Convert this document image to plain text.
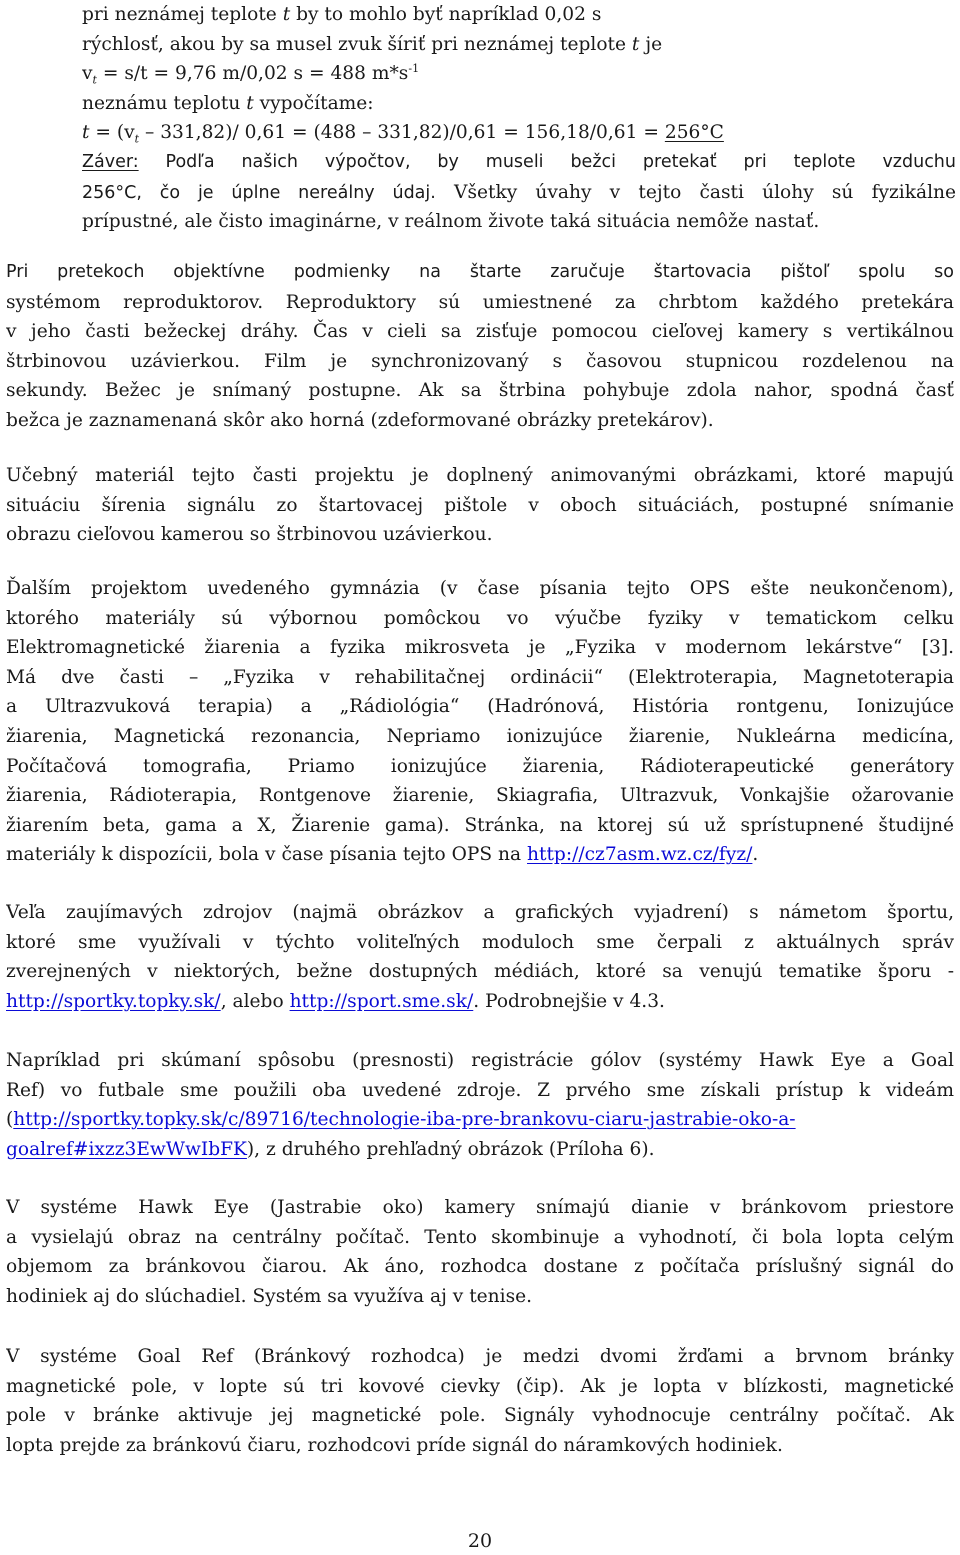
pri neznámej teplote t by to mohlo byť napríklad 0,02 s
rýchlosť, akou by sa musel zvuk šíriť pri neznámej teplote t je
$v_t = s/t = 9,76$ m/0,02 s = 488 $m*s^{-1}$
neznámu teplotu t vypočítame:
$t = (v_t - 331,82)/$ 0,61 = (488 – 331,82)/0,61 = 156,18/0,61 = 256°C
Záver: Podľa našich výpočtov, by museli bežci pretekať pri teplote vzduchu
256°C, čo je úplne nereálny údaj. Všetky úvahy v tejto časti úlohy sú fyzikálne
prípustné, ale čisto imaginárne, v reálnom živote taká situácia nemôže nastať.
Pri pretekoch objektívne podmienky na štarte zaručuje štartovacia pištoľ spolu so
systémom reproduktorov. Reproduktory sú umiestnené za chrbtom každého pretekára
v jeho časti bežeckej dráhy. Čas v cieli sa zisťuje pomocou cieľovej kamery s vertikálnou
štrbinovou uzávierkou. Film je synchronizovaný s časovou stupnicou rozdelenou na
sekundy. Bežec je snímaný postupne. Ak sa štrbina pohybuje zdola nahor, spodná časť
bežca je zaznamenaná skôr ako horná (zdeformované obrázky pretekárov).
Učebný materiál tejto časti projektu je doplnený animovanými obrázkami, ktoré mapujú
situáciu šírenia signálu zo štartovacej pištole v oboch situáciách, postupné snímanie
obrazu cieľovou kamerou so štrbinovou uzávierkou.
Ďalším projektom uvedeného gymnázia (v čase písania tejto OPS ešte neukončenom),
ktorého materiály sú výbornou pomôckou vo výučbe fyziky v tematickom celku
Elektromagnetické žiarenia a fyzika mikrosveta je „Fyzika v modernom lekárstve“ [3].
Má dve časti – „Fyzika v rehabilitačnej ordinácii“ (Elektroterapia, Magnetoterapia
a Ultrazvuková terapia) a „Rádiológia“ (Hadrónová, História rontgenu, Ionizujúce
žiarenia, Magnetická rezonancia, Nepriamo ionizujúce žiarenie, Nukleárna medicína,
Počítačová tomografia, Priamo ionizujúce žiarenia, Rádioterapeutické generátory
žiarenia, Rádioterapia, Rontgenove žiarenie, Skiagrafia, Ultrazvuk, Vonkajšie ožarovanie
žiarením beta, gama a X, Žiarenie gama). Stránka, na ktorej sú už sprístupnené študijné
materiály k dispozícii, bola v čase písania tejto OPS na http://cz7asm.wz.cz/fyz/.
Veľa zaujímavých zdrojov (najmä obrázkov a grafických vyjadrení) s námetom športu,
ktoré sme využívali v týchto voliteľných moduloch sme čerpali z aktuálnych správ
zverejnených v niektorých, bežne dostupných médiách, ktoré sa venujú tematike šporu -
http://sportky.topky.sk/, alebo http://sport.sme.sk/. Podrobnejšie v 4.3.
Napríklad pri skúmaní spôsobu (presnosti) registrácie gólov (systémy Hawk Eye a Goal
Ref) vo futbale sme použili oba uvedené zdroje. Z prvého sme získali prístup k videám
(http://sportky.topky.sk/c/89716/technologie-iba-pre-brankovu-ciaru-jastrabie-oko-a-
goalref#ixzz3EwWwIbFK), z druhého prehľadný obrázok (Príloha 6).
V systéme Hawk Eye (Jastrabie oko) kamery snímajú dianie v bránkovom priestore
a vysielajú obraz na centrálny počítač. Tento skombinuje a vyhodnotí, či bola lopta celým
objemom za bránkovou čiarou. Ak áno, rozhodca dostane z počítača príslušný signál do
hodiniek aj do slúchadiel. Systém sa využíva aj v tenise.
V systéme Goal Ref (Bránkový rozhodca) je medzi dvomi žrďami a brvnom bránky
magnetické pole, v lopte sú tri kovové cievky (čip). Ak je lopta v blízkosti, magnetické
pole v bránke aktivuje jej magnetické pole. Signály vyhodnocuje centrálny počítač. Ak
lopta prejde za bránkovú čiaru, rozhodcovi príde signál do náramkových hodiniek.
20
